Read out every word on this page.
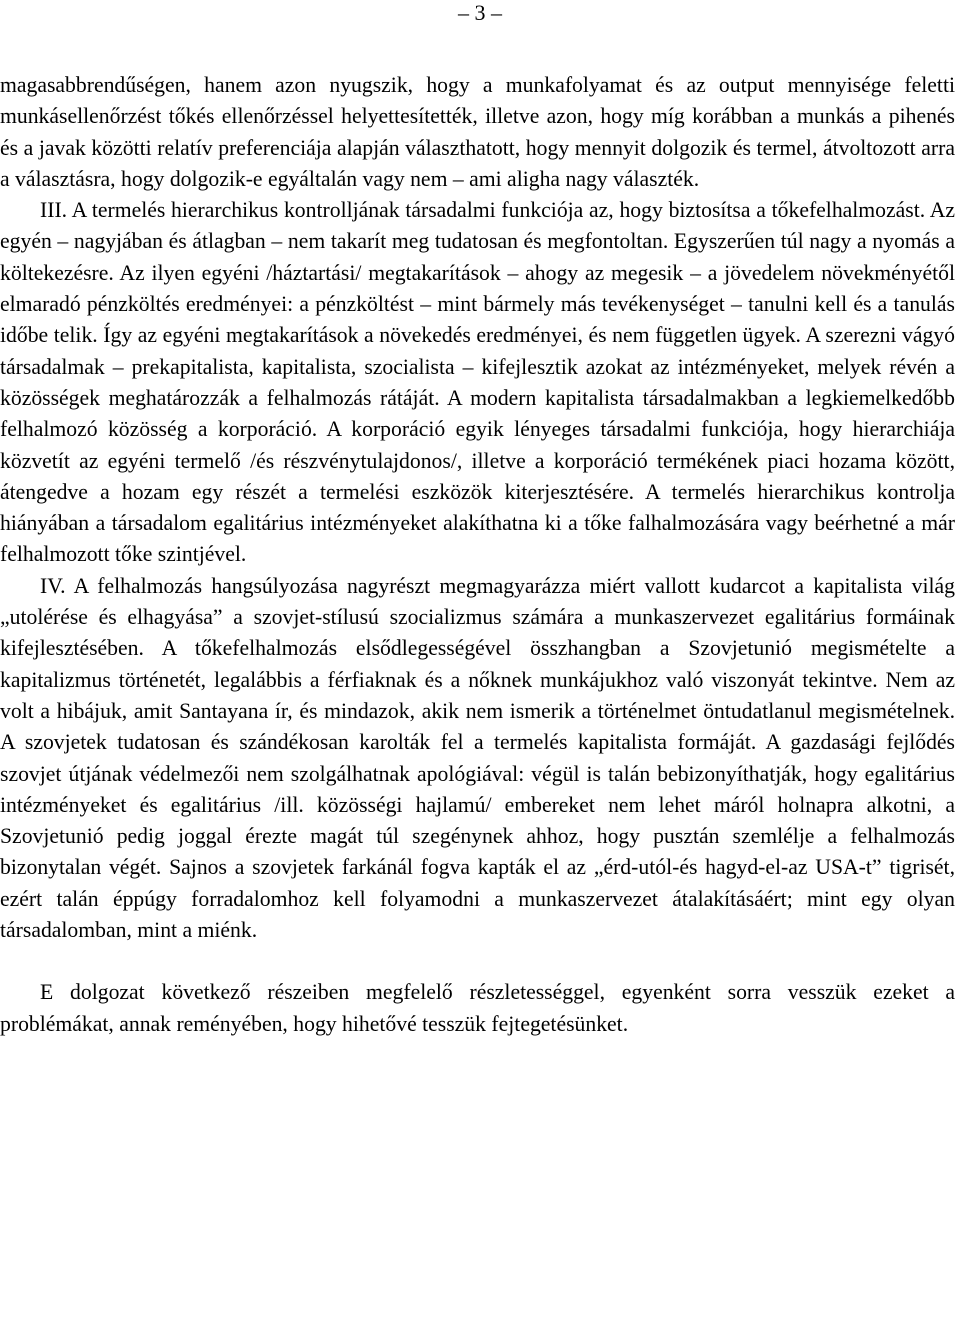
– 3 –

magasabbrendűségen, hanem azon nyugszik, hogy a munkafolyamat és az output mennyisége feletti munkásellenőrzést tőkés ellenőrzéssel helyettesítették, illetve azon, hogy míg korábban a munkás a pihenés és a javak közötti relatív preferenciája alapján választhatott, hogy mennyit dolgozik és termel, átvoltozott arra a választásra, hogy dolgozik-e egyáltalán vagy nem – ami aligha nagy választék.

III. A termelés hierarchikus kontrolljának társadalmi funkciója az, hogy biztosítsa a tőkefelhalmozást. Az egyén – nagyjában és átlagban – nem takarít meg tudatosan és megfontoltan. Egyszerűen túl nagy a nyomás a költekezésre. Az ilyen egyéni /háztartási/ megtakarítások – ahogy az megesik – a jövedelem növekményétől elmaradó pénzköltés eredményei: a pénzköltést – mint bármely más tevékenységet – tanulni kell és a tanulás időbe telik. Így az egyéni megtakarítások a növekedés eredményei, és nem független ügyek. A szerezni vágyó társadalmak – prekapitalista, kapitalista, szocialista – kifejlesztik azokat az intézményeket, melyek révén a közösségek meghatározzák a felhalmozás rátáját. A modern kapitalista társadalmakban a legkiemelkedőbb felhalmozó közösség a korporáció. A korporáció egyik lényeges társadalmi funkciója, hogy hierarchiája közvetít az egyéni termelő /és részvénytulajdonos/, illetve a korporáció termékének piaci hozama között, átengedve a hozam egy részét a termelési eszközök kiterjesztésére. A termelés hierarchikus kontrolja hiányában a társadalom egalitárius intézményeket alakíthatna ki a tőke falhalmozására vagy beérhetné a már felhalmozott tőke szintjével.

IV. A felhalmozás hangsúlyozása nagyrészt megmagyarázza miért vallott kudarcot a kapitalista világ „utolérése és elhagyása” a szovjet-stílusú szocializmus számára a munkaszervezet egalitárius formáinak kifejlesztésében. A tőkefelhalmozás elsődlegességével összhangban a Szovjetunió megismételte a kapitalizmus történetét, legalábbis a férfiaknak és a nőknek munkájukhoz való viszonyát tekintve. Nem az volt a hibájuk, amit Santayana ír, és mindazok, akik nem ismerik a történelmet öntudatlanul megismételnek. A szovjetek tudatosan és szándékosan karolták fel a termelés kapitalista formáját. A gazdasági fejlődés szovjet útjának védelmezői nem szolgálhatnak apológiával: végül is talán bebizonyíthatják, hogy egalitárius intézményeket és egalitárius /ill. közösségi hajlamú/ embereket nem lehet máról holnapra alkotni, a Szovjetunió pedig joggal érezte magát túl szegénynek ahhoz, hogy pusztán szemlélje a felhalmozás bizonytalan végét. Sajnos a szovjetek farkánál fogva kapták el az „érd-utól-és hagyd-el-az USA-t” tigrisét, ezért talán éppúgy forradalomhoz kell folyamodni a munkaszervezet átalakításáért; mint egy olyan társadalomban, mint a miénk.

E dolgozat következő részeiben megfelelő részletességgel, egyenként sorra vesszük ezeket a problémákat, annak reményében, hogy hihetővé tesszük fejtegetésünket.
